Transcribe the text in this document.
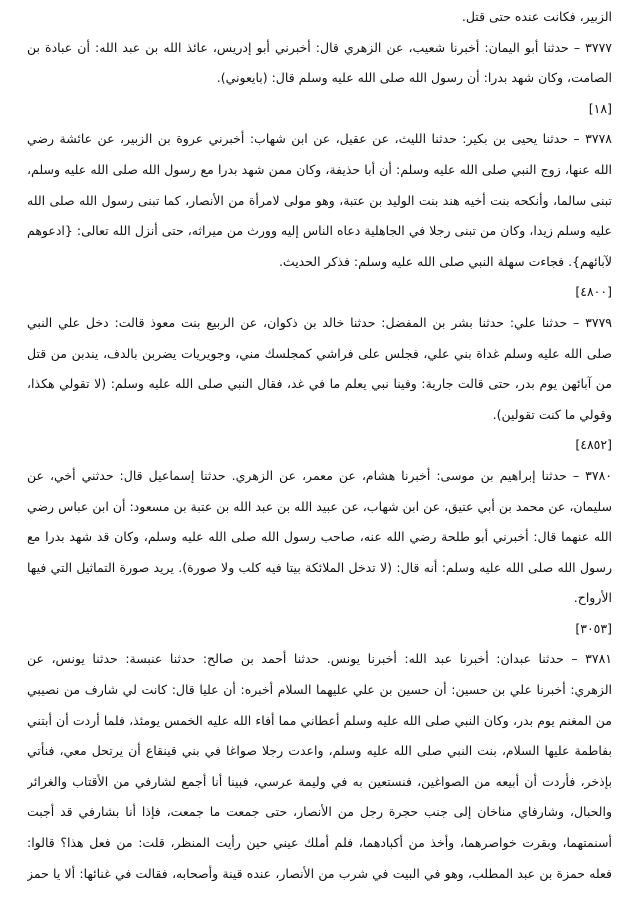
الزبير، فكانت عنده حتى قتل.
٣٧٧٧ – حدثنا أبو اليمان: أخبرنا شعيب، عن الزهري قال: أخبرني أبو إدريس، عائذ الله بن عبد الله: أن عبادة بن
الصامت، وكان شهد بدرا: أن رسول الله صلى الله عليه وسلم قال: (بايعوني).
[١٨]
٣٧٧٨ – حدثنا يحيى بن بكير: حدثنا الليث، عن عقيل، عن ابن شهاب: أخبرني عروة بن الزبير، عن عائشة رضي
الله عنها، زوج النبي صلى الله عليه وسلم: أن أبا حذيفة، وكان ممن شهد بدرا مع رسول الله صلى الله عليه وسلم،
تبنى سالما، وأنكحه بنت أخيه هند بنت الوليد بن عتبة، وهو مولى لامرأة من الأنصار، كما تبنى رسول الله صلى الله
عليه وسلم زيدا، وكان من تبنى رجلا في الجاهلية دعاه الناس إليه وورث من ميراثه، حتى أنزل الله تعالى: {ادعوهم
لآبائهم}. فجاءت سهلة النبي صلى الله عليه وسلم: فذكر الحديث.
[٤٨٠٠]
٣٧٧٩ – حدثنا علي: حدثنا بشر بن المفضل: حدثنا خالد بن ذكوان، عن الربيع بنت معوذ قالت: دخل علي النبي
صلى الله عليه وسلم غداة بني علي، فجلس على فراشي كمجلسك مني، وجويريات يضربن بالدف، يندبن من قتل
من آبائهن يوم بدر، حتى قالت جارية: وفينا نبي يعلم ما في غد، فقال النبي صلى الله عليه وسلم: (لا تقولي هكذا،
وقولي ما كنت تقولين).
[٤٨٥٢]
٣٧٨٠ – حدثنا إبراهيم بن موسى: أخبرنا هشام، عن معمر، عن الزهري. حدثنا إسماعيل قال: حدثني أخي، عن
سليمان، عن محمد بن أبي عتيق، عن ابن شهاب، عن عبيد الله بن عبد الله بن عتبة بن مسعود: أن ابن عباس رضي
الله عنهما قال: أخبرني أبو طلحة رضي الله عنه، صاحب رسول الله صلى الله عليه وسلم، وكان قد شهد بدرا مع
رسول الله صلى الله عليه وسلم: أنه قال: (لا تدخل الملائكة بيتا فيه كلب ولا صورة). يريد صورة التماثيل التي فيها
الأرواح.
[٣٠٥٣]
٣٧٨١ – حدثنا عبدان: أخبرنا عبد الله: أخبرنا يونس. حدثنا أحمد بن صالح: حدثنا عنبسة: حدثنا يونس، عن
الزهري: أخبرنا علي بن حسين: أن حسين بن علي عليهما السلام أخبره: أن عليا قال: كانت لي شارف من نصيبي
من المغنم يوم بدر، وكان النبي صلى الله عليه وسلم أعطاني مما أفاء الله عليه الخمس يومئذ، فلما أردت أن أبتني
بفاطمة عليها السلام، بنت النبي صلى الله عليه وسلم، واعدت رجلا صواغا في بني قينقاع أن يرتحل معي، فنأتي
بإذخر، فأردت أن أبيعه من الصواغين، فنستعين به في وليمة عرسي، فبينا أنا أجمع لشارفي من الأقتاب والغرائر
والحبال، وشارفاي مناخان إلى جنب حجرة رجل من الأنصار، حتى جمعت ما جمعت، فإذا أنا بشارفي قد أجبت
أسنمتهما، وبقرت خواصرهما، وأخذ من أكبادهما، فلم أملك عيني حين رأيت المنظر، قلت: من فعل هذا؟ قالوا:
فعله حمزة بن عبد المطلب، وهو في البيت في شرب من الأنصار، عنده قينة وأصحابه، فقالت في غنائها: ألا يا حمز
